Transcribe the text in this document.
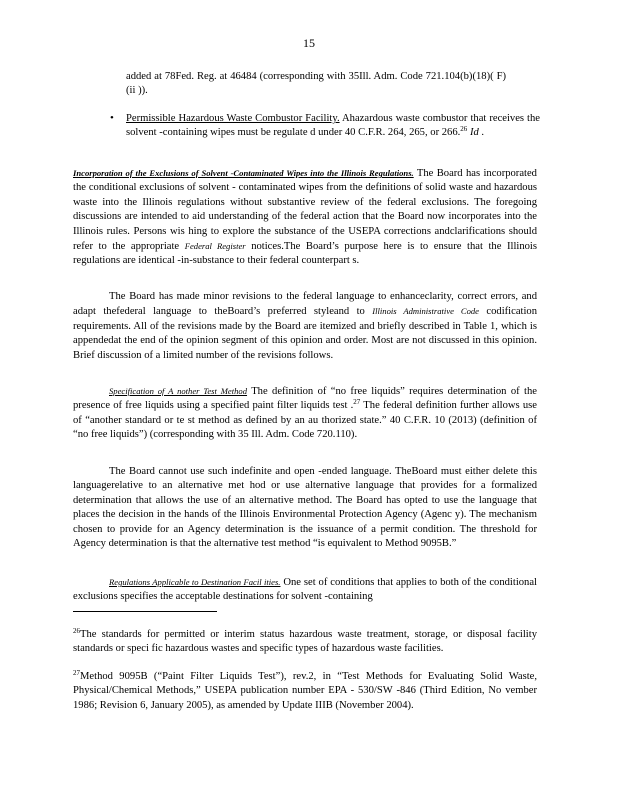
15

added at 78Fed. Reg. at 46484 (corresponding with 35Ill. Adm. Code 721.104(b)(18)( F)(ii )).

• Permissible Hazardous Waste Combustor Facility. Ahazardous waste combustor that receives the solvent -containing wipes must be regulate d under 40 C.F.R. 264, 265, or 266.26 Id .

Incorporation of the Exclusions of Solvent -Contaminated Wipes into the Illinois Regulations. The Board has incorporated the conditional exclusions of solvent - contaminated wipes from the definitions of solid waste and hazardous waste into the Illinois regulations without substantive review of the federal exclusions. The foregoing discussions are intended to aid understanding of the federal action that the Board now incorporates into the Illinois rules. Persons wis hing to explore the substance of the USEPA corrections andclarifications should refer to the appropriate Federal Register notices.The Board’s purpose here is to ensure that the Illinois regulations are identical -in-substance to their federal counterpart s.

The Board has made minor revisions to the federal language to enhanceclarity, correct errors, and adapt thefederal language to theBoard’s preferred styleand to Illinois Administrative Code codification requirements. All of the revisions made by the Board are itemized and briefly described in Table 1, which is appendedat the end of the opinion segment of this opinion and order. Most are not discussed in this opinion. Brief discussion of a limited number of the revisions follows.

Specification of A nother Test Method The definition of “no free liquids” requires determination of the presence of free liquids using a specified paint filter liquids test .$^{27}$ The federal definition further allows use of “another standard or te st method as defined by an au thorized state.” 40 C.F.R. 10 (2013) (definition of “no free liquids”) (corresponding with 35 Ill. Adm. Code 720.110).

The Board cannot use such indefinite and open -ended language. TheBoard must either delete this languagerelative to an alternative met hod or use alternative language that provides for a formalized determination that allows the use of an alternative method. The Board has opted to use the language that places the decision in the hands of the Illinois Environmental Protection Agency (Agenc y). The mechanism chosen to provide for an Agency determination is the issuance of a permit condition. The threshold for Agency determination is that the alternative test method “is equivalent to Method 9095B.”

Regulations Applicable to Destination Facil ities. One set of conditions that applies to both of the conditional exclusions specifies the acceptable destinations for solvent -containing

$^{26}$The standards for permitted or interim status hazardous waste treatment, storage, or disposal facility standards or speci fic hazardous wastes and specific types of hazardous waste facilities.

$^{27}$Method 9095B (“Paint Filter Liquids Test”), rev.2, in “Test Methods for Evaluating Solid Waste, Physical/Chemical Methods,” USEPA publication number EPA - 530/SW -846 (Third Edition, No vember 1986; Revision 6, January 2005), as amended by Update IIIB (November 2004).
